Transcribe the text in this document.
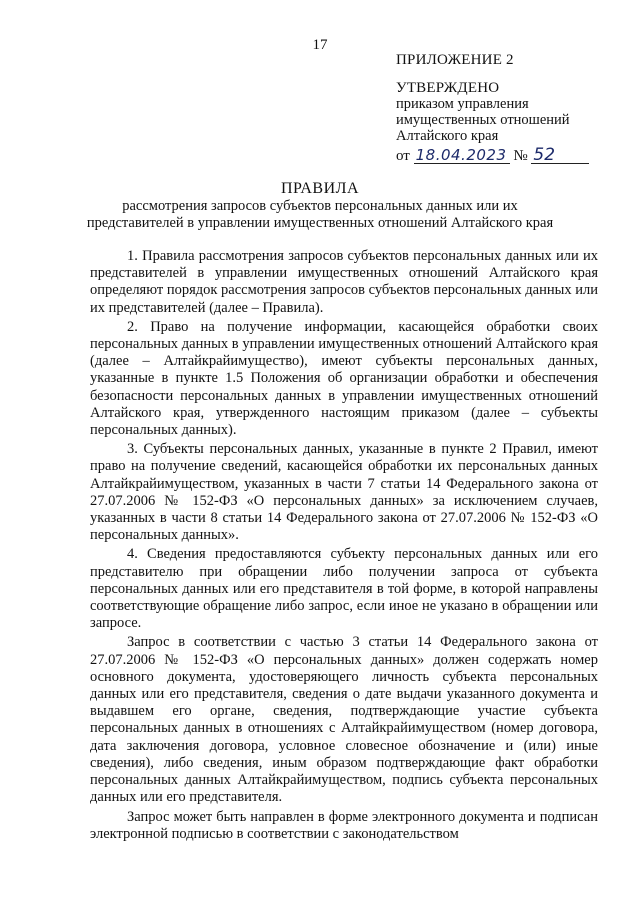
17
ПРИЛОЖЕНИЕ 2
УТВЕРЖДЕНО
приказом управления
имущественных отношений
Алтайского края
от 18.04.2023 № 52
ПРАВИЛА
рассмотрения запросов субъектов персональных данных или их представителей в управлении имущественных отношений Алтайского края

1. Правила рассмотрения запросов субъектов персональных данных или их представителей в управлении имущественных отношений Алтайского края определяют порядок рассмотрения запросов субъектов персональных данных или их представителей (далее – Правила).

2. Право на получение информации, касающейся обработки своих персональных данных в управлении имущественных отношений Алтайского края (далее – Алтайкрайимущество), имеют субъекты персональных данных, указанные в пункте 1.5 Положения об организации обработки и обеспечения безопасности персональных данных в управлении имущественных отношений Алтайского края, утвержденного настоящим приказом (далее – субъекты персональных данных).

3. Субъекты персональных данных, указанные в пункте 2 Правил, имеют право на получение сведений, касающейся обработки их персональных данных Алтайкрайимуществом, указанных в части 7 статьи 14 Федерального закона от 27.07.2006 № 152-ФЗ «О персональных данных» за исключением случаев, указанных в части 8 статьи 14 Федерального закона от 27.07.2006 № 152-ФЗ «О персональных данных».

4. Сведения предоставляются субъекту персональных данных или его представителю при обращении либо получении запроса от субъекта персональных данных или его представителя в той форме, в которой направлены соответствующие обращение либо запрос, если иное не указано в обращении или запросе.

Запрос в соответствии с частью 3 статьи 14 Федерального закона от 27.07.2006 № 152-ФЗ «О персональных данных» должен содержать номер основного документа, удостоверяющего личность субъекта персональных данных или его представителя, сведения о дате выдачи указанного документа и выдавшем его органе, сведения, подтверждающие участие субъекта персональных данных в отношениях с Алтайкрайимуществом (номер договора, дата заключения договора, условное словесное обозначение и (или) иные сведения), либо сведения, иным образом подтверждающие факт обработки персональных данных Алтайкрайимуществом, подпись субъекта персональных данных или его представителя.

Запрос может быть направлен в форме электронного документа и подписан электронной подписью в соответствии с законодательством
